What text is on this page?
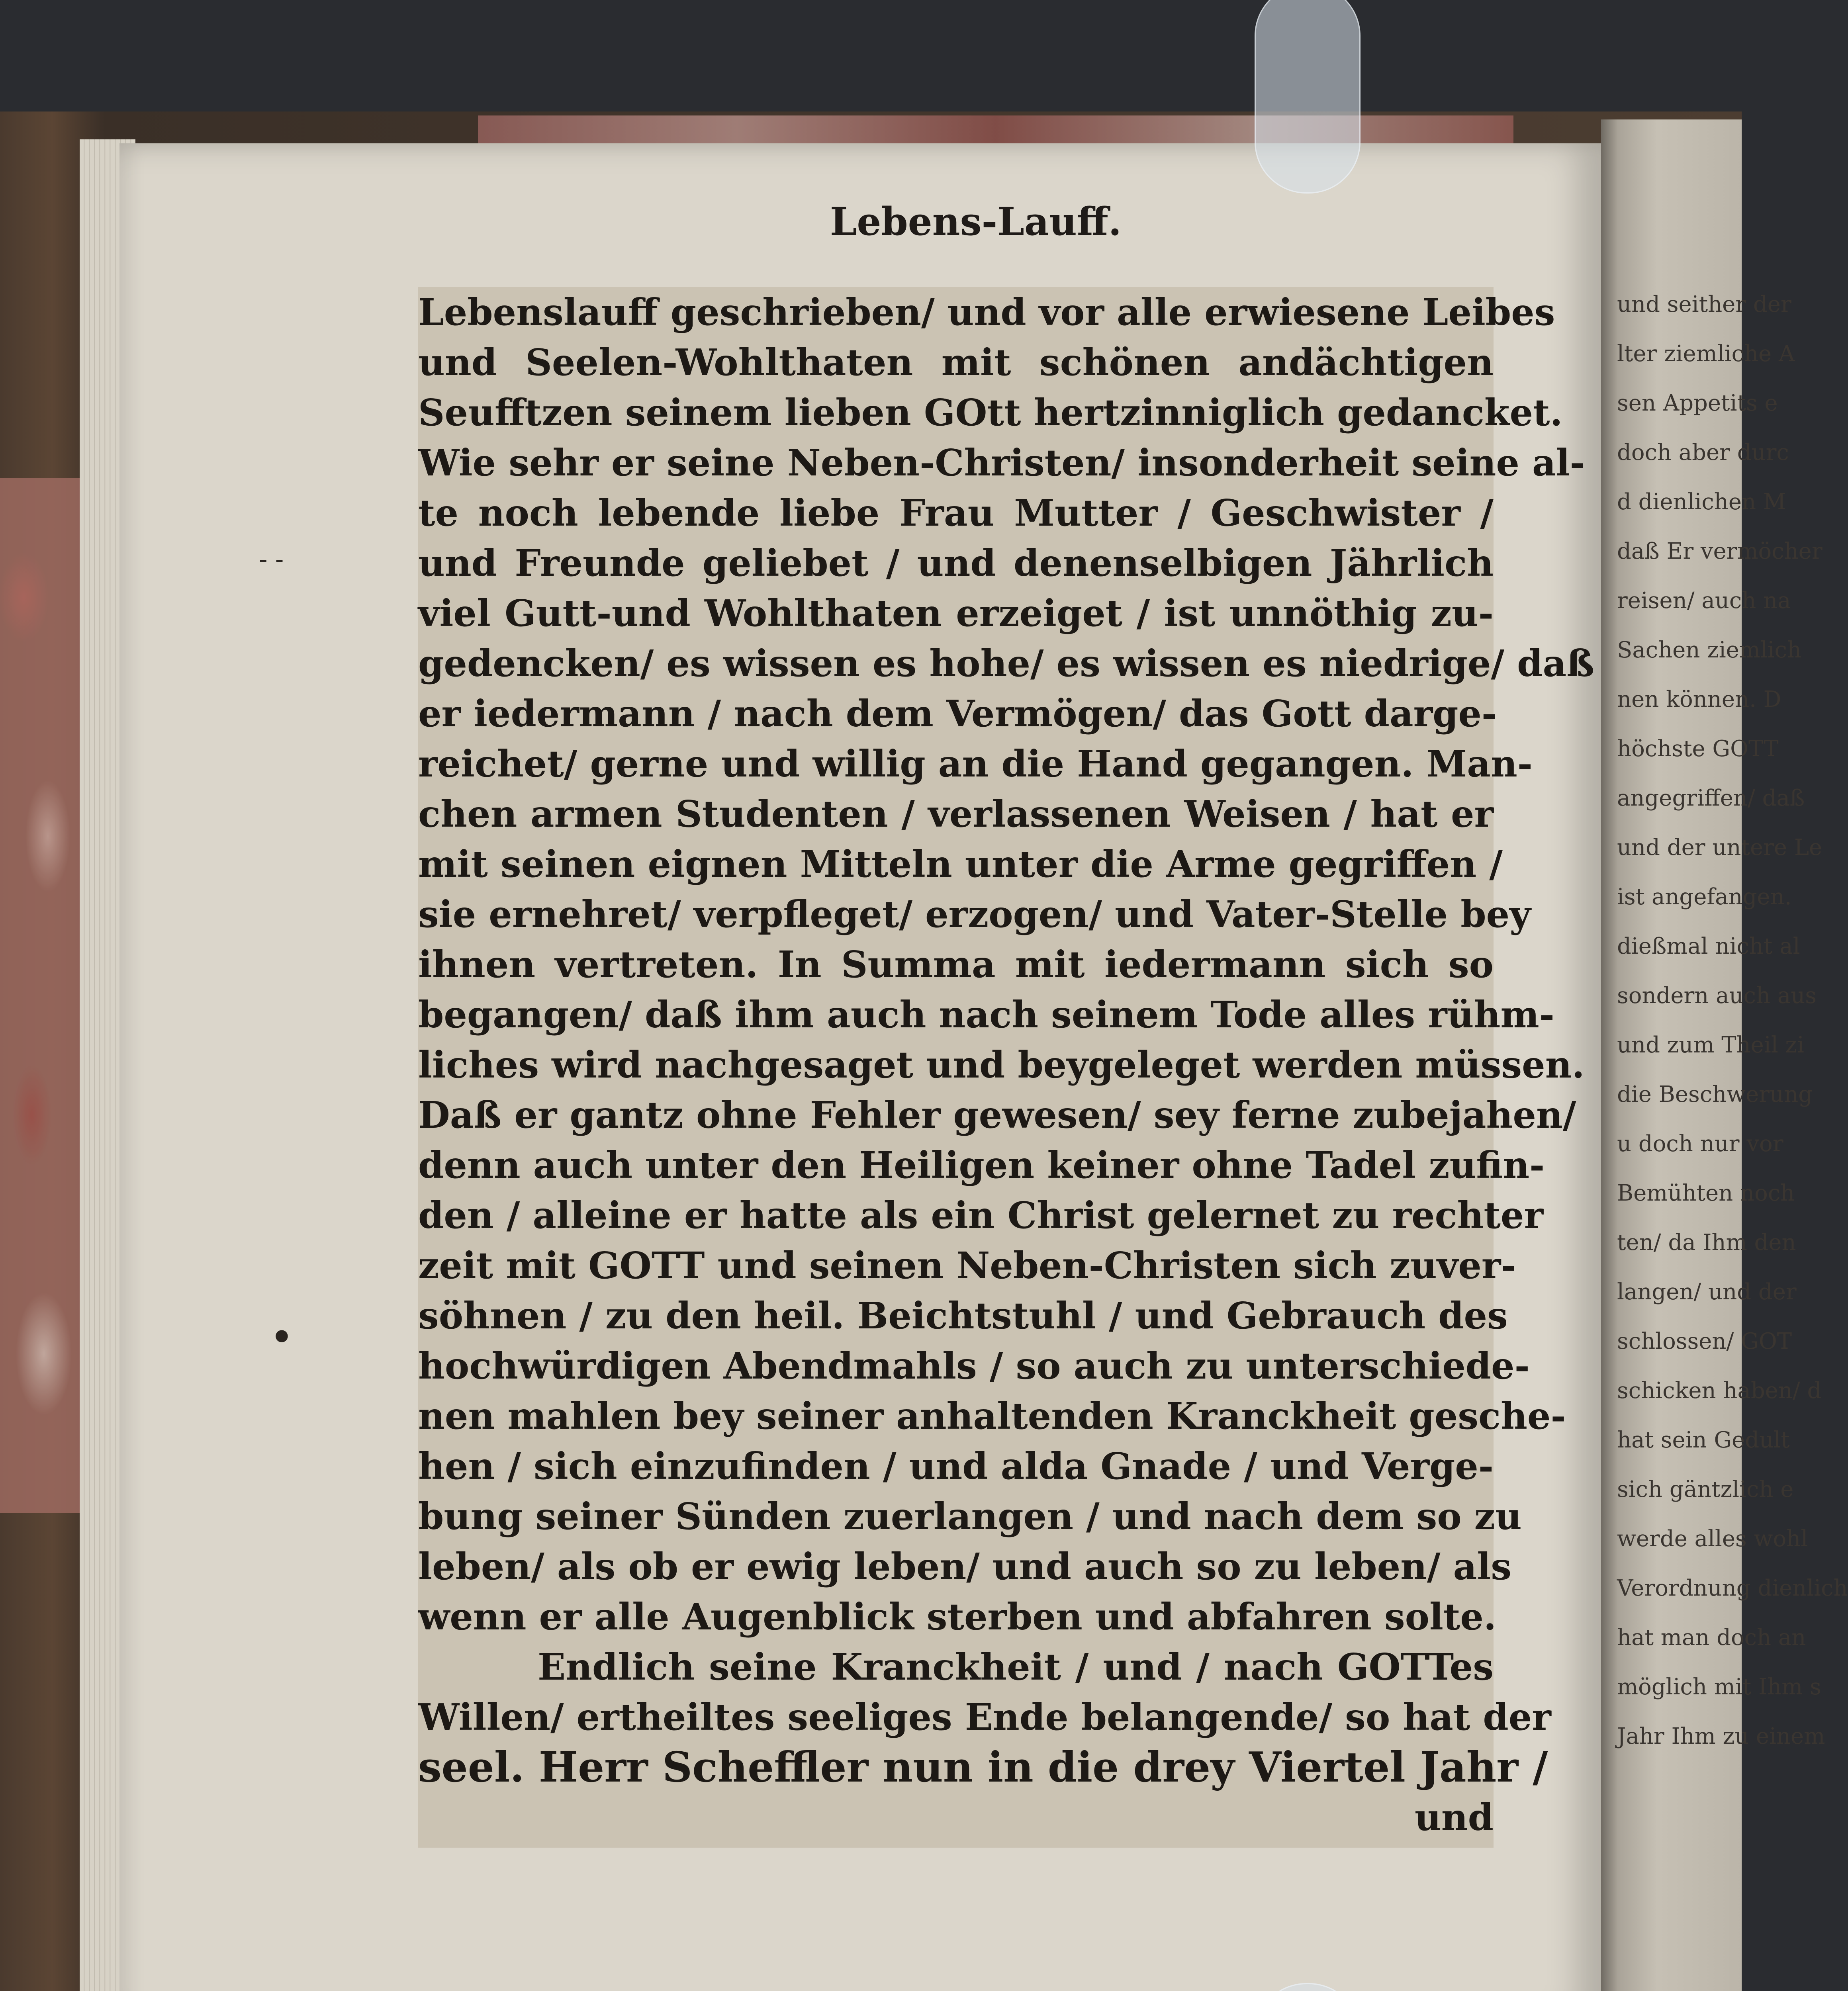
und seither der
lter ziemliche A
sen Appetits e
doch aber durc
d dienlichen M
daß Er vermöcher
reisen/ auch na
Sachen ziemlich
nen können. D
höchste GOTT
angegriffen/ daß
und der untere Le
ist angefangen.
dießmal nicht al
sondern auch aus
und zum Theil zi
die Beschwerung
u doch nur vor
Bemühten noch
ten/ da Ihm den
langen/ und der
schlossen/ GOT
schicken haben/ d
hat sein Gedult
sich gäntzlich e
werde alles wohl
Verordnung dienlich
hat man doch an
möglich mit Ihm s
Jahr Ihm zu einem
Lebens-Lauff.
Lebenslauff geschrieben/ und vor alle erwiesene Leibes
und Seelen-Wohlthaten mit schönen andächtigen
Seufftzen seinem lieben GOtt hertzinniglich gedancket.
Wie sehr er seine Neben-Christen/ insonderheit seine al-
te noch lebende liebe Frau Mutter / Geschwister /
und Freunde geliebet / und denenselbigen Jährlich
viel Gutt-und Wohlthaten erzeiget / ist unnöthig zu-
gedencken/ es wissen es hohe/ es wissen es niedrige/ daß
er iedermann / nach dem Vermögen/ das Gott darge-
reichet/ gerne und willig an die Hand gegangen. Man-
chen armen Studenten / verlassenen Weisen / hat er
mit seinen eignen Mitteln unter die Arme gegriffen /
sie ernehret/ verpfleget/ erzogen/ und Vater-Stelle bey
ihnen vertreten. In Summa mit iedermann sich so
begangen/ daß ihm auch nach seinem Tode alles rühm-
liches wird nachgesaget und beygeleget werden müssen.
Daß er gantz ohne Fehler gewesen/ sey ferne zubejahen/
denn auch unter den Heiligen keiner ohne Tadel zufin-
den / alleine er hatte als ein Christ gelernet zu rechter
zeit mit GOTT und seinen Neben-Christen sich zuver-
söhnen / zu den heil. Beichtstuhl / und Gebrauch des
hochwürdigen Abendmahls / so auch zu unterschiede-
nen mahlen bey seiner anhaltenden Kranckheit gesche-
hen / sich einzufinden / und alda Gnade / und Verge-
bung seiner Sünden zuerlangen / und nach dem so zu
leben/ als ob er ewig leben/ und auch so zu leben/ als
wenn er alle Augenblick sterben und abfahren solte.
Endlich seine Kranckheit / und / nach GOTTes
Willen/ ertheiltes seeliges Ende belangende/ so hat der
seel. Herr Scheffler nun in die drey Viertel Jahr /
und
- -
●
